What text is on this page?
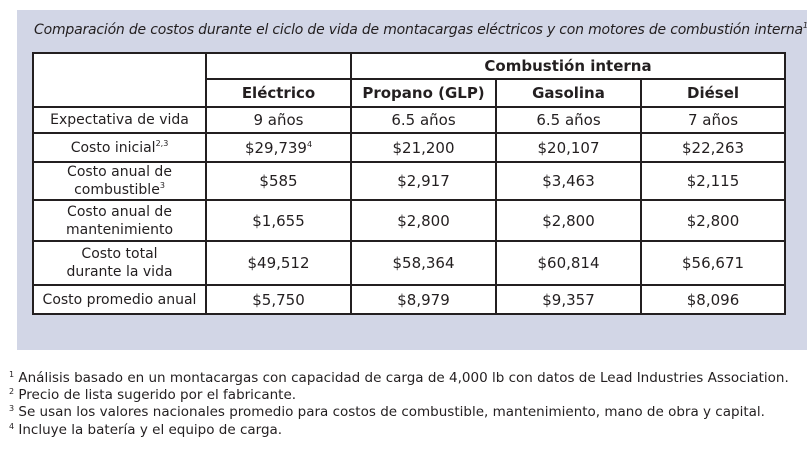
Comparación de costos durante el ciclo de vida de montacargas eléctricos y con motores de combustión interna$^1$
		Combustión interna		
	Eléctrico	Propano (GLP)	Gasolina	Diésel
Expectativa de vida	9 años	6.5 años	6.5 años	7 años
Costo inicial$^{2,3}$	$29,739$^4$	$21,200	$20,107	$22,263
Costo anual de
combustible$^3$	$585	$2,917	$3,463	$2,115
Costo anual de
mantenimiento	$1,655	$2,800	$2,800	$2,800
Costo total
durante la vida	$49,512	$58,364	$60,814	$56,671
Costo promedio anual	$5,750	$8,979	$9,357	$8,096
$^1$ Análisis basado en un montacargas con capacidad de carga de 4,000 lb con datos de Lead Industries Association.
$^2$ Precio de lista sugerido por el fabricante.
$^3$ Se usan los valores nacionales promedio para costos de combustible, mantenimiento, mano de obra y capital.
$^4$ Incluye la batería y el equipo de carga.
